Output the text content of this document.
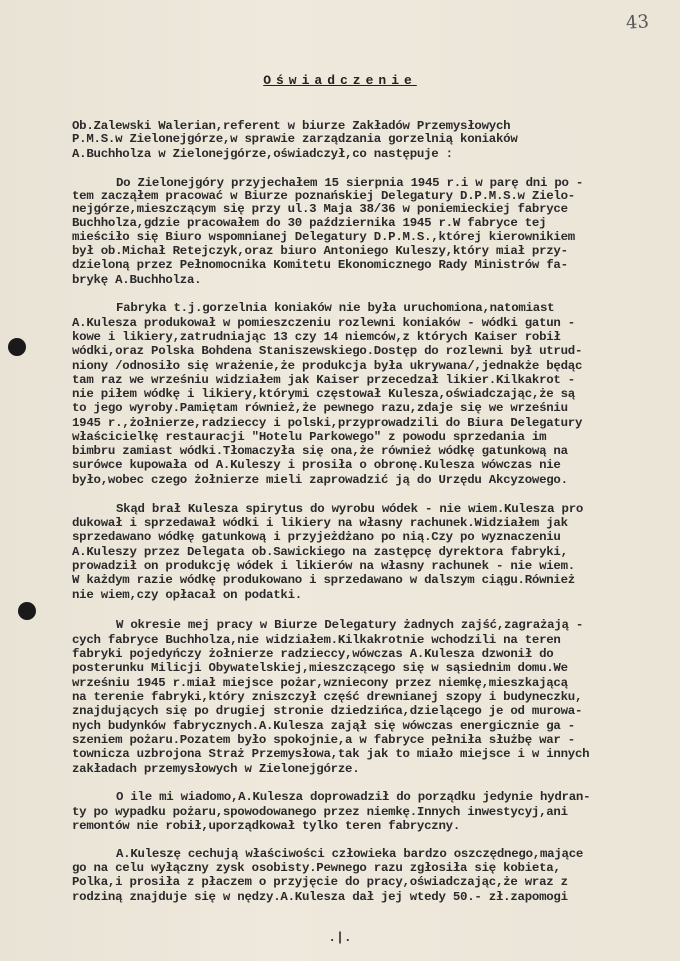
43
Oświadczenie
Ob.Zalewski Walerian,referent w biurze Zakładów Przemysłowych
P.M.S.w Zielonejgórze,w sprawie zarządzania gorzelnią koniaków
A.Buchholza w Zielonejgórze,oświadczył,co następuje :
Do Zielonejgóry przyjechałem 15 sierpnia 1945 r.i w parę dni po -
tem zacząłem pracować w Biurze poznańskiej Delegatury D.P.M.S.w Zielo-
nejgórze,mieszczącym się przy ul.3 Maja 38/36 w poniemieckiej fabryce
Buchholza,gdzie pracowałem do 30 października 1945 r.W fabryce tej
mieściło się Biuro wspomnianej Delegatury D.P.M.S.,której kierownikiem
był ob.Michał Retejczyk,oraz biuro Antoniego Kuleszy,który miał przy-
dzieloną przez Pełnomocnika Komitetu Ekonomicznego Rady Ministrów fa-
brykę A.Buchholza.
Fabryka t.j.gorzelnia koniaków nie była uruchomiona,natomiast
A.Kulesza produkował w pomieszczeniu rozlewni koniaków - wódki gatun -
kowe i likiery,zatrudniając 13 czy 14 niemców,z których Kaiser robił
wódki,oraz Polska Bohdena Staniszewskiego.Dostęp do rozlewni był utrud-
niony /odnosiło się wrażenie,że produkcja była ukrywana/,jednakże będąc
tam raz we wrześniu widziałem jak Kaiser przecedzał likier.Kilkakrot -
nie piłem wódkę i likiery,którymi częstował Kulesza,oświadczając,że są
to jego wyroby.Pamiętam również,że pewnego razu,zdaje się we wrześniu
1945 r.,żołnierze,radzieccy i polski,przyprowadzili do Biura Delegatury
właścicielkę restauracji "Hotelu Parkowego" z powodu sprzedania im
bimbru zamiast wódki.Tłomaczyła się ona,że również wódkę gatunkową na
surówce kupowała od A.Kuleszy i prosiła o obronę.Kulesza wówczas nie
było,wobec czego żołnierze mieli zaprowadzić ją do Urzędu Akcyzowego.
Skąd brał Kulesza spirytus do wyrobu wódek - nie wiem.Kulesza pro
dukował i sprzedawał wódki i likiery na własny rachunek.Widziałem jak
sprzedawano wódkę gatunkową i przyjeżdżano po nią.Czy po wyznaczeniu
A.Kuleszy przez Delegata ob.Sawickiego na zastępcę dyrektora fabryki,
prowadził on produkcję wódek i likierów na własny rachunek - nie wiem.
W każdym razie wódkę produkowano i sprzedawano w dalszym ciągu.Również
nie wiem,czy opłacał on podatki.
W okresie mej pracy w Biurze Delegatury żadnych zajść,zagrażają -
cych fabryce Buchholza,nie widziałem.Kilkakrotnie wchodzili na teren
fabryki pojedyńczy żołnierze radzieccy,wówczas A.Kulesza dzwonił do
posterunku Milicji Obywatelskiej,mieszczącego się w sąsiednim domu.We
wrześniu 1945 r.miał miejsce pożar,wzniecony przez niemkę,mieszkającą
na terenie fabryki,który zniszczył część drewnianej szopy i budyneczku,
znajdujących się po drugiej stronie dziedzińca,dzielącego je od murowa-
nych budynków fabrycznych.A.Kulesza zajął się wówczas energicznie ga -
szeniem pożaru.Pozatem było spokojnie,a w fabryce pełniła służbę war -
townicza uzbrojona Straż Przemysłowa,tak jak to miało miejsce i w innych
zakładach przemysłowych w Zielonejgórze.
O ile mi wiadomo,A.Kulesza doprowadził do porządku jedynie hydran-
ty po wypadku pożaru,spowodowanego przez niemkę.Innych inwestycyj,ani
remontów nie robił,uporządkował tylko teren fabryczny.
A.Kuleszę cechują właściwości człowieka bardzo oszczędnego,mające
go na celu wyłączny zysk osobisty.Pewnego razu zgłosiła się kobieta,
Polka,i prosiła z płaczem o przyjęcie do pracy,oświadczając,że wraz z
rodziną znajduje się w nędzy.A.Kulesza dał jej wtedy 50.- zł.zapomogi
.|.
